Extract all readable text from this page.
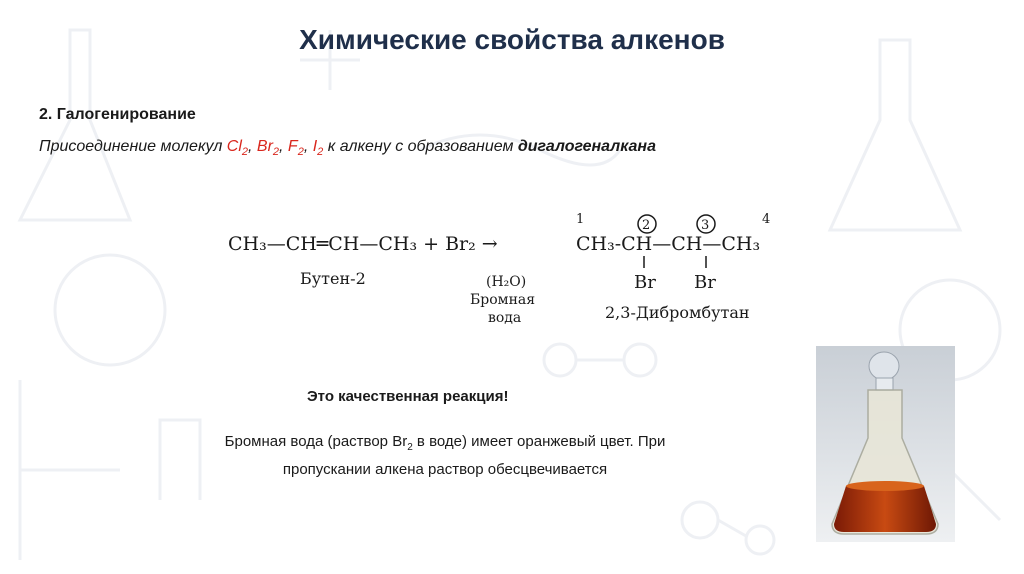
Химические свойства алкенов
2. Галогенирование
Присоединение молекул $Cl_2$, $Br_2$, $F_2$, $I_2$ к алкену с образованием дигалогеналкана
CH₃—CH═CH—CH₃ + Br₂ →
Бутен-2	(H₂O)
Бромная
вода
1	2	3	4
CH₃-CH—CH—CH₃
Br Br
2,3-Дибромбутан
Это качественная реакция!
Бромная вода (раствор $Br_2$ в воде) имеет оранжевый цвет. При
пропускании алкена раствор обесцвечивается
